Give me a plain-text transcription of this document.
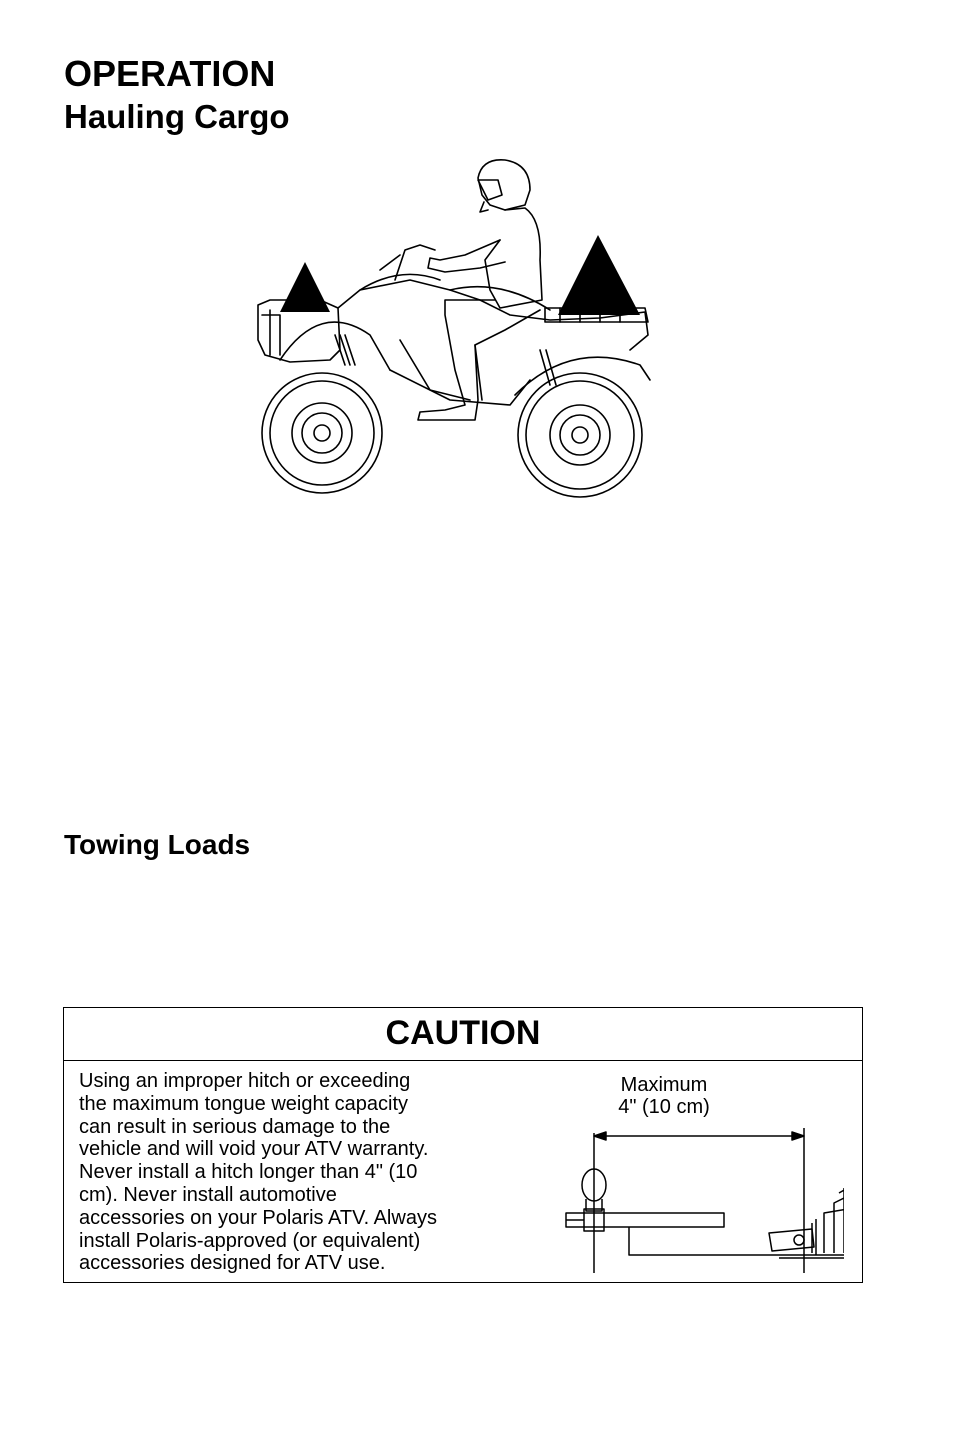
OPERATION
Hauling Cargo
Towing Loads
CAUTION
Using an improper hitch or exceeding
the maximum tongue weight capacity
can result in serious damage to the
vehicle and will void your ATV warranty.
Never install a hitch longer than 4" (10
cm). Never install automotive
accessories on your Polaris ATV. Always
install Polaris-approved (or equivalent)
accessories designed for ATV use.
Maximum
4" (10 cm)
